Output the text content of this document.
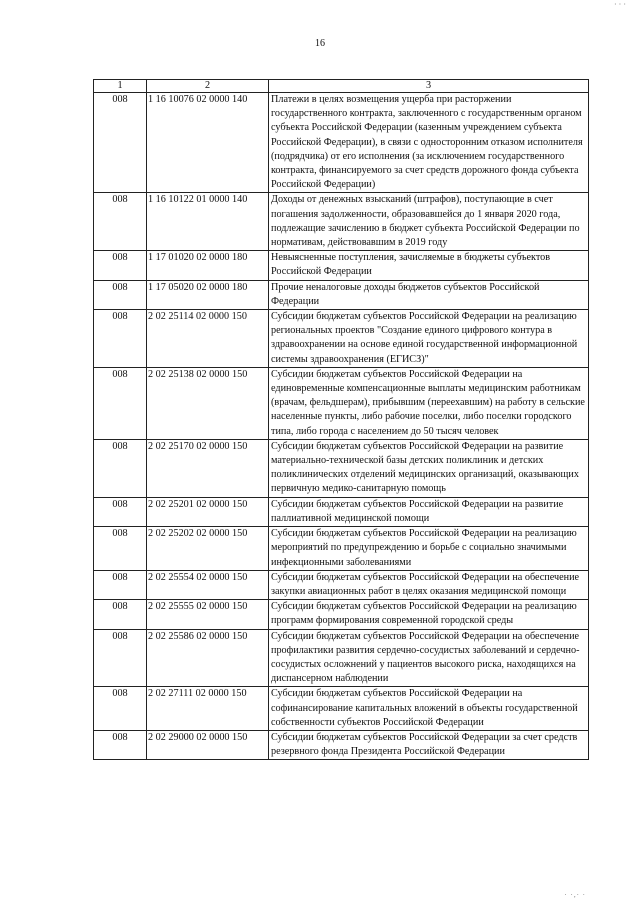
· · ·
16
1	2	3
008	1 16 10076 02 0000 140	Платежи в целях возмещения ущерба при расторжении государственного контракта, заключенного с государственным органом субъекта Российской Федерации (казенным учреждением субъекта Российской Федерации), в связи с односторонним отказом исполнителя (подрядчика) от его исполнения (за исключением государственного контракта, финансируемого за счет средств дорожного фонда субъекта Российской Федерации)
008	1 16 10122 01 0000 140	Доходы от денежных взысканий (штрафов), поступающие в счет погашения задолженности, образовавшейся до 1 января 2020 года, подлежащие зачислению в бюджет субъекта Российской Федерации по нормативам, действовавшим в 2019 году
008	1 17 01020 02 0000 180	Невыясненные поступления, зачисляемые в бюджеты субъектов Российской Федерации
008	1 17 05020 02 0000 180	Прочие неналоговые доходы бюджетов субъектов Российской Федерации
008	2 02 25114 02 0000 150	Субсидии бюджетам субъектов Российской Федерации на реализацию региональных проектов "Создание единого цифрового контура в здравоохранении на основе единой государственной информационной системы здравоохранения (ЕГИСЗ)"
008	2 02 25138 02 0000 150	Субсидии бюджетам субъектов Российской Федерации на единовременные компенсационные выплаты медицинским работникам (врачам, фельдшерам), прибывшим (переехавшим) на работу в сельские населенные пункты, либо рабочие поселки, либо поселки городского типа, либо города с населением до 50 тысяч человек
008	2 02 25170 02 0000 150	Субсидии бюджетам субъектов Российской Федерации на развитие материально-технической базы детских поликлиник и детских поликлинических отделений медицинских организаций, оказывающих первичную медико-санитарную помощь
008	2 02 25201 02 0000 150	Субсидии бюджетам субъектов Российской Федерации на развитие паллиативной медицинской помощи
008	2 02 25202 02 0000 150	Субсидии бюджетам субъектов Российской Федерации на реализацию мероприятий по предупреждению и борьбе с социально значимыми инфекционными заболеваниями
008	2 02 25554 02 0000 150	Субсидии бюджетам субъектов Российской Федерации на обеспечение закупки авиационных работ в целях оказания медицинской помощи
008	2 02 25555 02 0000 150	Субсидии бюджетам субъектов Российской Федерации на реализацию программ формирования современной городской среды
008	2 02 25586 02 0000 150	Субсидии бюджетам субъектов Российской Федерации на обеспечение профилактики развития сердечно-сосудистых заболеваний и сердечно-сосудистых осложнений у пациентов высокого риска, находящихся на диспансерном наблюдении
008	2 02 27111 02 0000 150	Субсидии бюджетам субъектов Российской Федерации на софинансирование капитальных вложений в объекты государственной собственности субъектов Российской Федерации
008	2 02 29000 02 0000 150	Субсидии бюджетам субъектов Российской Федерации за счет средств резервного фонда Президента Российской Федерации
· ·,· ·
